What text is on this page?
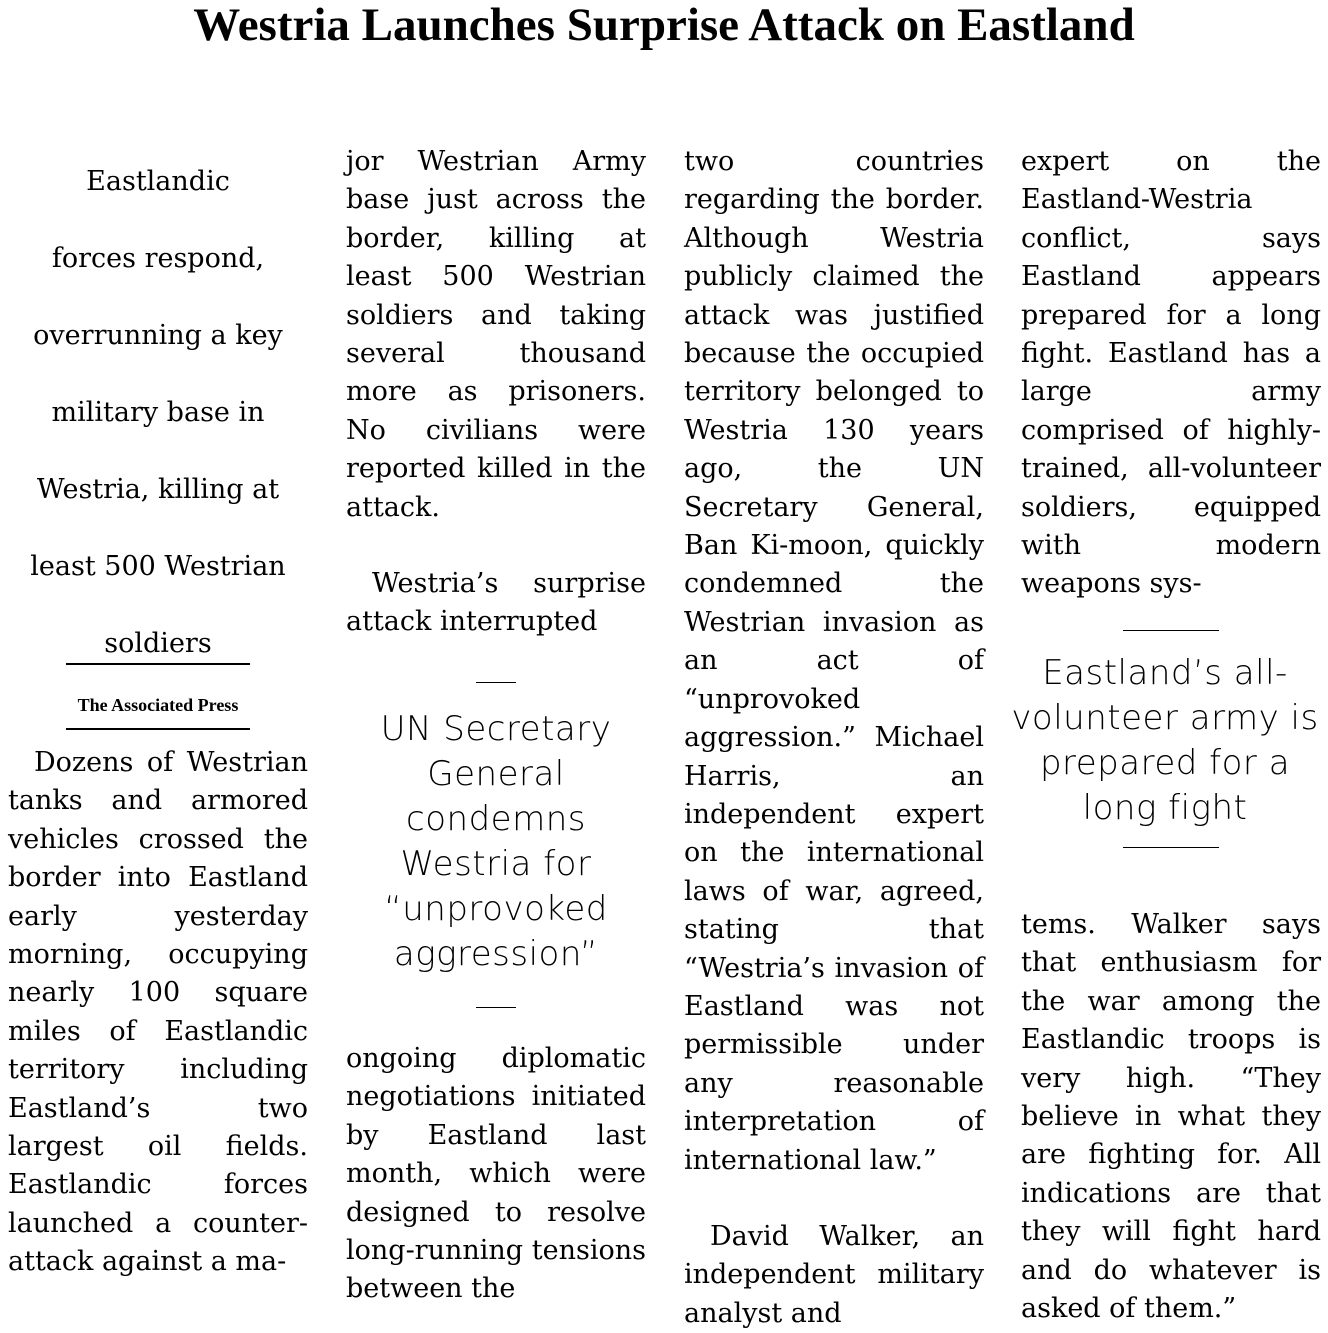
Westria Launches Surprise Attack on Eastland
Eastlandic
forces respond,
overrunning a key
military base in
Westria, killing at
least 500 Westrian
soldiers
The Associated Press
Dozens of Westrian tanks and armored vehicles crossed the border into Eastland early yesterday morning, occupying nearly 100 square miles of Eastlandic territory including Eastland’s two largest oil fields. Eastlandic forces launched a counter-attack against a ma-
jor Westrian Army base just across the border, killing at least 500 Westrian soldiers and taking several thousand more as prisoners. No civilians were reported killed in the attack.
Westria’s surprise attack interrupted
UN Secretary General condemns Westria for “unprovoked aggression”
ongoing diplomatic negotiations initiated by Eastland last month, which were designed to resolve long-running tensions between the
two countries regarding the border. Although Westria publicly claimed the attack was justified because the occupied territory belonged to Westria 130 years ago, the UN Secretary General, Ban Ki-moon, quickly condemned the Westrian invasion as an act of “unprovoked aggression.” Michael Harris, an independent expert on the international laws of war, agreed, stating that “Westria’s invasion of Eastland was not permissible under any reasonable interpretation of international law.”
David Walker, an independent military analyst and
expert on the Eastland-Westria conflict, says Eastland appears prepared for a long fight. Eastland has a large army comprised of highly-trained, all-volunteer soldiers, equipped with modern weapons sys-
Eastland’s all-volunteer army is prepared for a long fight
tems. Walker says that enthusiasm for the war among the Eastlandic troops is very high. “They believe in what they are fighting for. All indications are that they will fight hard and do whatever is asked of them.”
